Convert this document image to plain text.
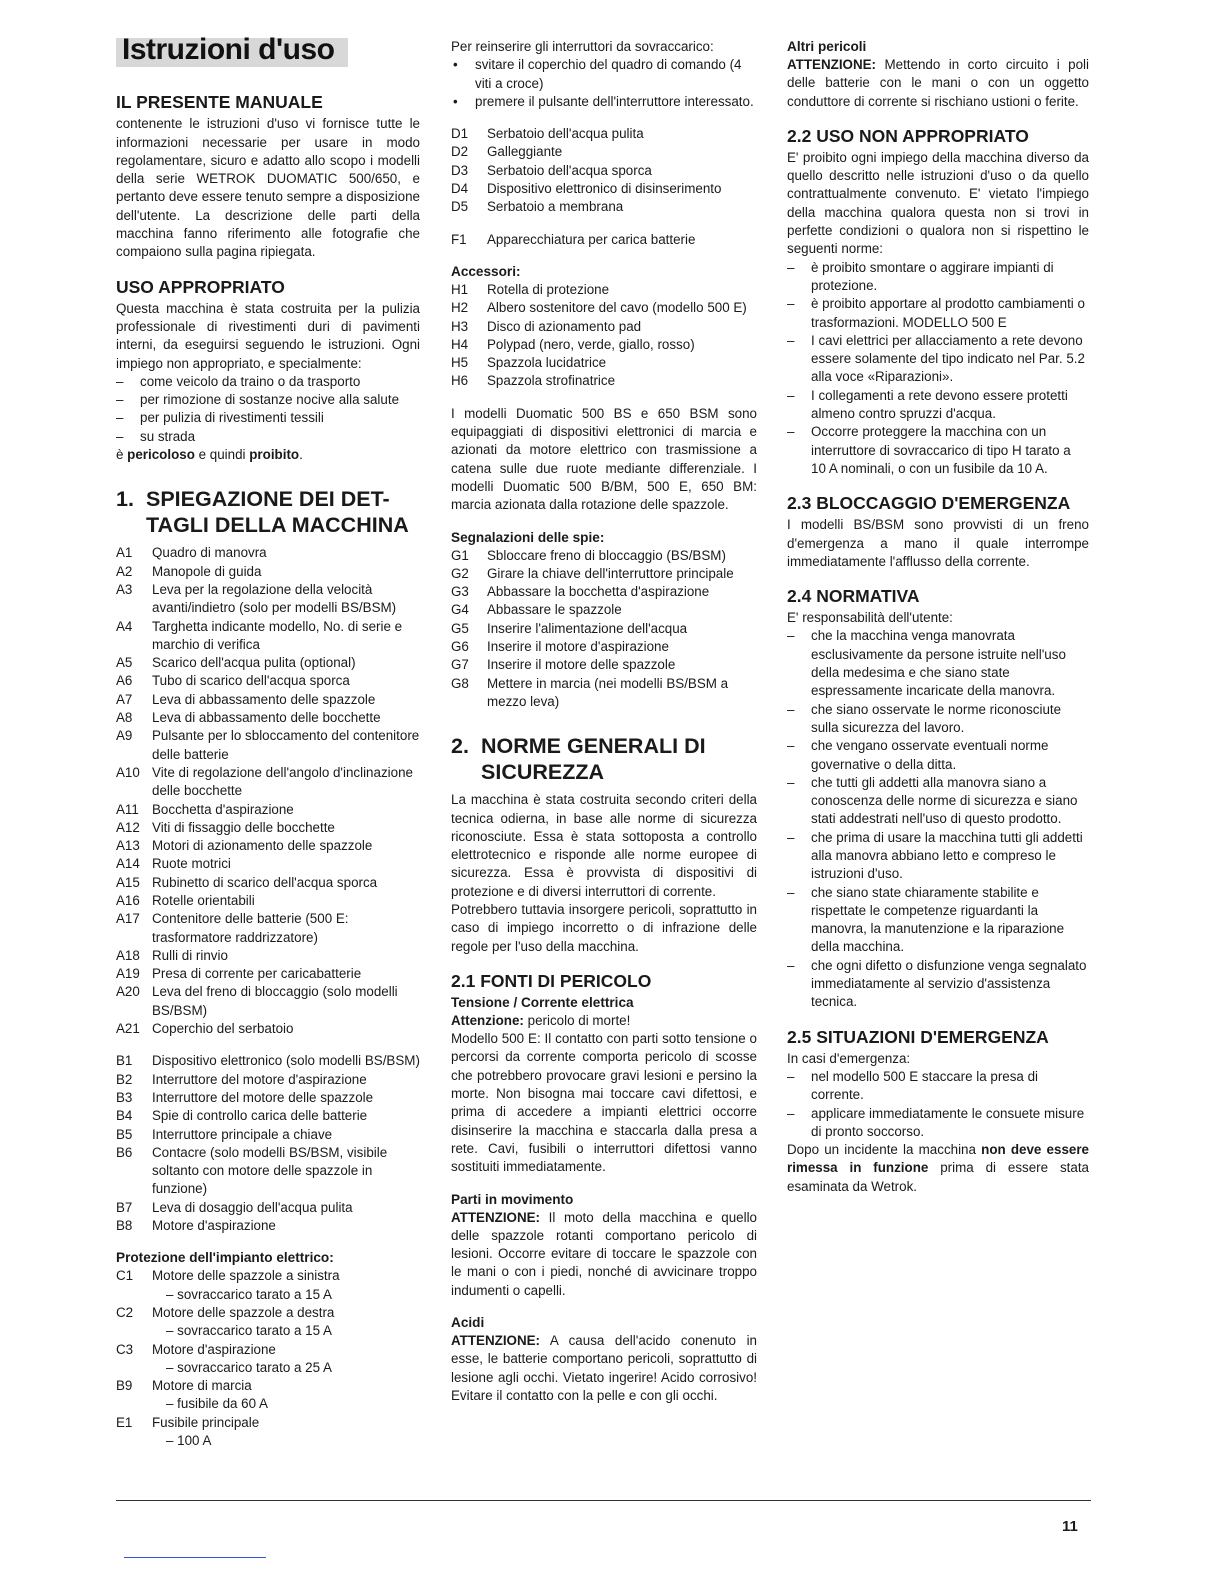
Istruzioni d'uso
IL PRESENTE MANUALE

contenente le istruzioni d'uso vi fornisce tutte le informazioni necessarie per usare in modo regolamentare, sicuro e adatto allo scopo i modelli della serie WETROK DUOMATIC 500/650, e pertanto deve essere tenuto sempre a disposizione dell'utente. La descrizione delle parti della macchina fanno riferimento alle fotografie che compaiono sulla pagina ripiegata.

USO APPROPRIATO

Questa macchina è stata costruita per la pulizia professionale di rivestimenti duri di pavimenti interni, da eseguirsi seguendo le istruzioni. Ogni impiego non appropriato, e specialmente:

–	come veicolo da traino o da trasporto
–	per rimozione di sostanze nocive alla salute
–	per pulizia di rivestimenti tessili
–	su strada

è pericoloso e quindi proibito.

1. SPIEGAZIONE DEI DET-
TAGLI DELLA MACCHINA
A1	Quadro di manovra
A2	Manopole di guida
A3	Leva per la regolazione della velocità avanti/indietro (solo per modelli BS/BSM)
A4	Targhetta indicante modello, No. di serie e marchio di verifica
A5	Scarico dell'acqua pulita (optional)
A6	Tubo di scarico dell'acqua sporca
A7	Leva di abbassamento delle spazzole
A8	Leva di abbassamento delle bocchette
A9	Pulsante per lo sbloccamento del contenitore delle batterie
A10 Vite di regolazione dell'angolo d'inclinazione delle bocchette
A11 Bocchetta d'aspirazione
A12 Viti di fissaggio delle bocchette
A13 Motori di azionamento delle spazzole
A14 Ruote motrici
A15 Rubinetto di scarico dell'acqua sporca
A16 Rotelle orientabili
A17 Contenitore delle batterie (500 E: trasformatore raddrizzatore)
A18 Rulli di rinvio
A19 Presa di corrente per caricabatterie
A20 Leva del freno di bloccaggio (solo modelli BS/BSM)
A21 Coperchio del serbatoio
B1	Dispositivo elettronico (solo modelli BS/BSM)
B2	Interruttore del motore d'aspirazione
B3	Interruttore del motore delle spazzole
B4	Spie di controllo carica delle batterie
B5	Interruttore principale a chiave
B6	Contacre (solo modelli BS/BSM, visibile soltanto con motore delle spazzole in funzione)
B7	Leva di dosaggio dell'acqua pulita
B8	Motore d'aspirazione
Protezione dell'impianto elettrico:
C1	Motore delle spazzole a sinistra
– sovraccarico tarato a 15 A
C2	Motore delle spazzole a destra
– sovraccarico tarato a 15 A
C3	Motore d'aspirazione
– sovraccarico tarato a 25 A
B9	Motore di marcia
– fusibile da 60 A
E1	Fusibile principale
– 100 A

Per reinserire gli interruttori da sovraccarico:

•	svitare il coperchio del quadro di comando (4 viti a croce)
•	premere il pulsante dell'interruttore interessato.
D1	Serbatoio dell'acqua pulita
D2	Galleggiante
D3	Serbatoio dell'acqua sporca
D4	Dispositivo elettronico di disinserimento
D5	Serbatoio a membrana
F1	Apparecchiatura per carica batterie
Accessori:
H1	Rotella di protezione
H2	Albero sostenitore del cavo (modello 500 E)
H3	Disco di azionamento pad
H4	Polypad (nero, verde, giallo, rosso)
H5	Spazzola lucidatrice
H6	Spazzola strofinatrice

I modelli Duomatic 500 BS e 650 BSM sono equipaggiati di dispositivi elettronici di marcia e azionati da motore elettrico con trasmissione a catena sulle due ruote mediante differenziale. I modelli Duomatic 500 B/BM, 500 E, 650 BM: marcia azionata dalla rotazione delle spazzole.

Segnalazioni delle spie:
G1	Sbloccare freno di bloccaggio (BS/BSM)
G2	Girare la chiave dell'interruttore principale
G3	Abbassare la bocchetta d'aspirazione
G4	Abbassare le spazzole
G5	Inserire l'alimentazione dell'acqua
G6	Inserire il motore d'aspirazione
G7	Inserire il motore delle spazzole
G8	Mettere in marcia (nei modelli BS/BSM a mezzo leva)
2. NORME GENERALI DI
SICUREZZA

La macchina è stata costruita secondo criteri della tecnica odierna, in base alle norme di sicurezza riconosciute. Essa è stata sottoposta a controllo elettrotecnico e risponde alle norme europee di sicurezza. Essa è provvista di dispositivi di protezione e di diversi interruttori di corrente.

Potrebbero tuttavia insorgere pericoli, soprattutto in caso di impiego incorretto o di infrazione delle regole per l'uso della macchina.

2.1 FONTI DI PERICOLO
Tensione / Corrente elettrica

Attenzione: pericolo di morte!

Modello 500 E: Il contatto con parti sotto tensione o percorsi da corrente comporta pericolo di scosse che potrebbero provocare gravi lesioni e persino la morte. Non bisogna mai toccare cavi difettosi, e prima di accedere a impianti elettrici occorre disinserire la macchina e staccarla dalla presa a rete. Cavi, fusibili o interruttori difettosi vanno sostituiti immediatamente.

Parti in movimento

ATTENZIONE: Il moto della macchina e quello delle spazzole rotanti comportano pericolo di lesioni. Occorre evitare di toccare le spazzole con le mani o con i piedi, nonché di avvicinare troppo indumenti o capelli.

Acidi

ATTENZIONE: A causa dell'acido conenuto in esse, le batterie comportano pericoli, soprattutto di lesione agli occhi. Vietato ingerire! Acido corrosivo! Evitare il contatto con la pelle e con gli occhi.

Altri pericoli

ATTENZIONE: Mettendo in corto circuito i poli delle batterie con le mani o con un oggetto conduttore di corrente si rischiano ustioni o ferite.

2.2 USO NON APPROPRIATO

E' proibito ogni impiego della macchina diverso da quello descritto nelle istruzioni d'uso o da quello contrattualmente convenuto. E' vietato l'impiego della macchina qualora questa non si trovi in perfette condizioni o qualora non si rispettino le seguenti norme:

–	è proibito smontare o aggirare impianti di protezione.
–	è proibito apportare al prodotto cambiamenti o trasformazioni. MODELLO 500 E
–	I cavi elettrici per allacciamento a rete devono essere solamente del tipo indicato nel Par. 5.2 alla voce «Riparazioni».
–	I collegamenti a rete devono essere protetti almeno contro spruzzi d'acqua.
–	Occorre proteggere la macchina con un interruttore di sovraccarico di tipo H tarato a 10 A nominali, o con un fusibile da 10 A.
2.3 BLOCCAGGIO D'EMERGENZA

I modelli BS/BSM sono provvisti di un freno d'emergenza a mano il quale interrompe immediatamente l'afflusso della corrente.

2.4 NORMATIVA

E' responsabilità dell'utente:

–	che la macchina venga manovrata esclusivamente da persone istruite nell'uso della medesima e che siano state espressamente incaricate della manovra.
–	che siano osservate le norme riconosciute sulla sicurezza del lavoro.
–	che vengano osservate eventuali norme governative o della ditta.
–	che tutti gli addetti alla manovra siano a conoscenza delle norme di sicurezza e siano stati addestrati nell'uso di questo prodotto.
–	che prima di usare la macchina tutti gli addetti alla manovra abbiano letto e compreso le istruzioni d'uso.
–	che siano state chiaramente stabilite e rispettate le competenze riguardanti la manovra, la manutenzione e la riparazione della macchina.
–	che ogni difetto o disfunzione venga segnalato immediatamente al servizio d'assistenza tecnica.
2.5 SITUAZIONI D'EMERGENZA

In casi d'emergenza:

–	nel modello 500 E staccare la presa di corrente.
–	applicare immediatamente le consuete misure di pronto soccorso.

Dopo un incidente la macchina non deve essere rimessa in funzione prima di essere stata esaminata da Wetrok.

11
